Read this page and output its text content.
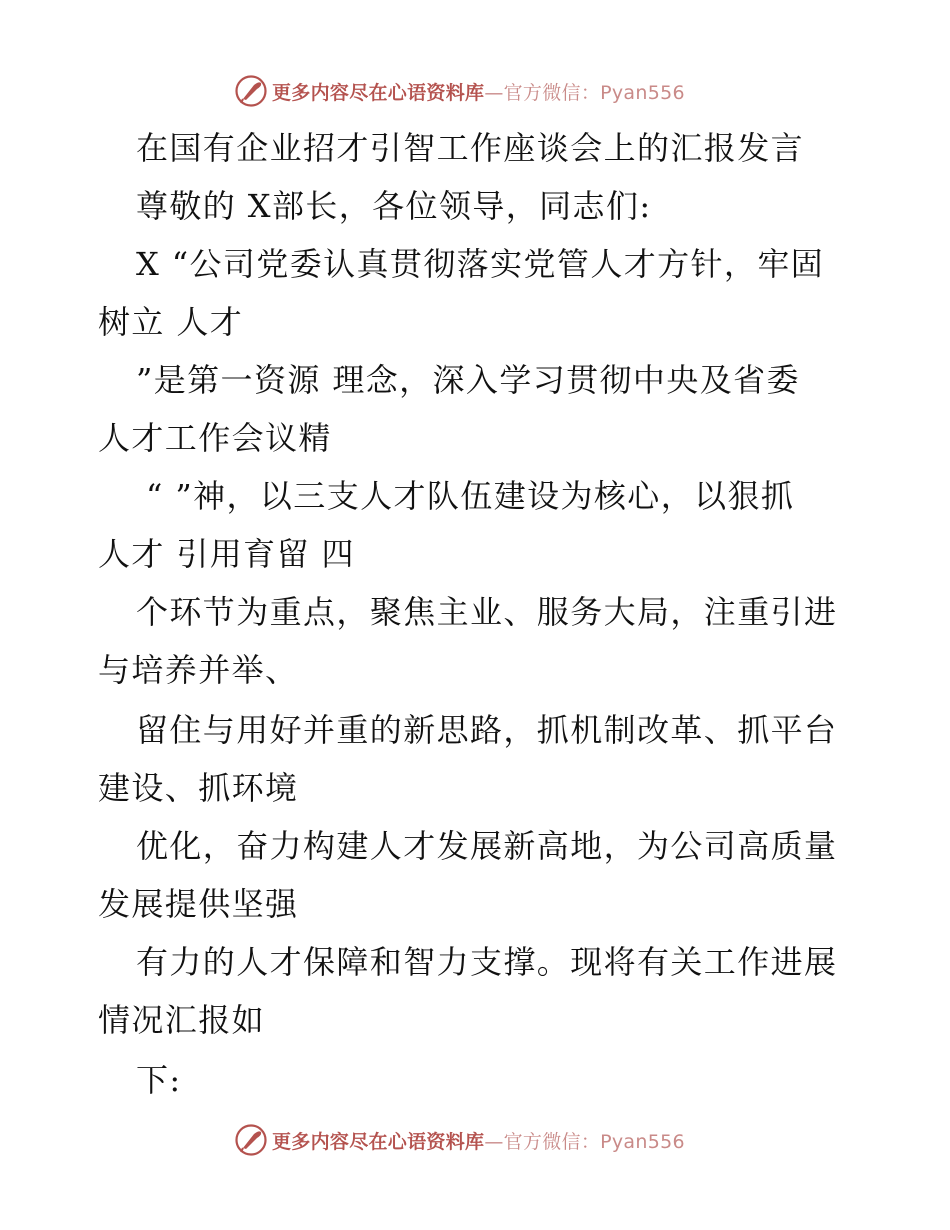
更多内容尽在心语资料库—官方微信：Pyan556
在国有企业招才引智工作座谈会上的汇报发言
尊敬的 X部长，各位领导，同志们:
X “公司党委认真贯彻落实党管人才方针，牢固
树立 人才
”是第一资源 理念，深入学习贯彻中央及省委
人才工作会议精
“ ”神，以三支人才队伍建设为核心，以狠抓
人才 引用育留 四
个环节为重点，聚焦主业、服务大局，注重引进
与培养并举、
留住与用好并重的新思路，抓机制改革、抓平台
建设、抓环境
优化，奋力构建人才发展新高地，为公司高质量
发展提供坚强
有力的人才保障和智力支撑。现将有关工作进展
情况汇报如
下:
更多内容尽在心语资料库—官方微信：Pyan556
